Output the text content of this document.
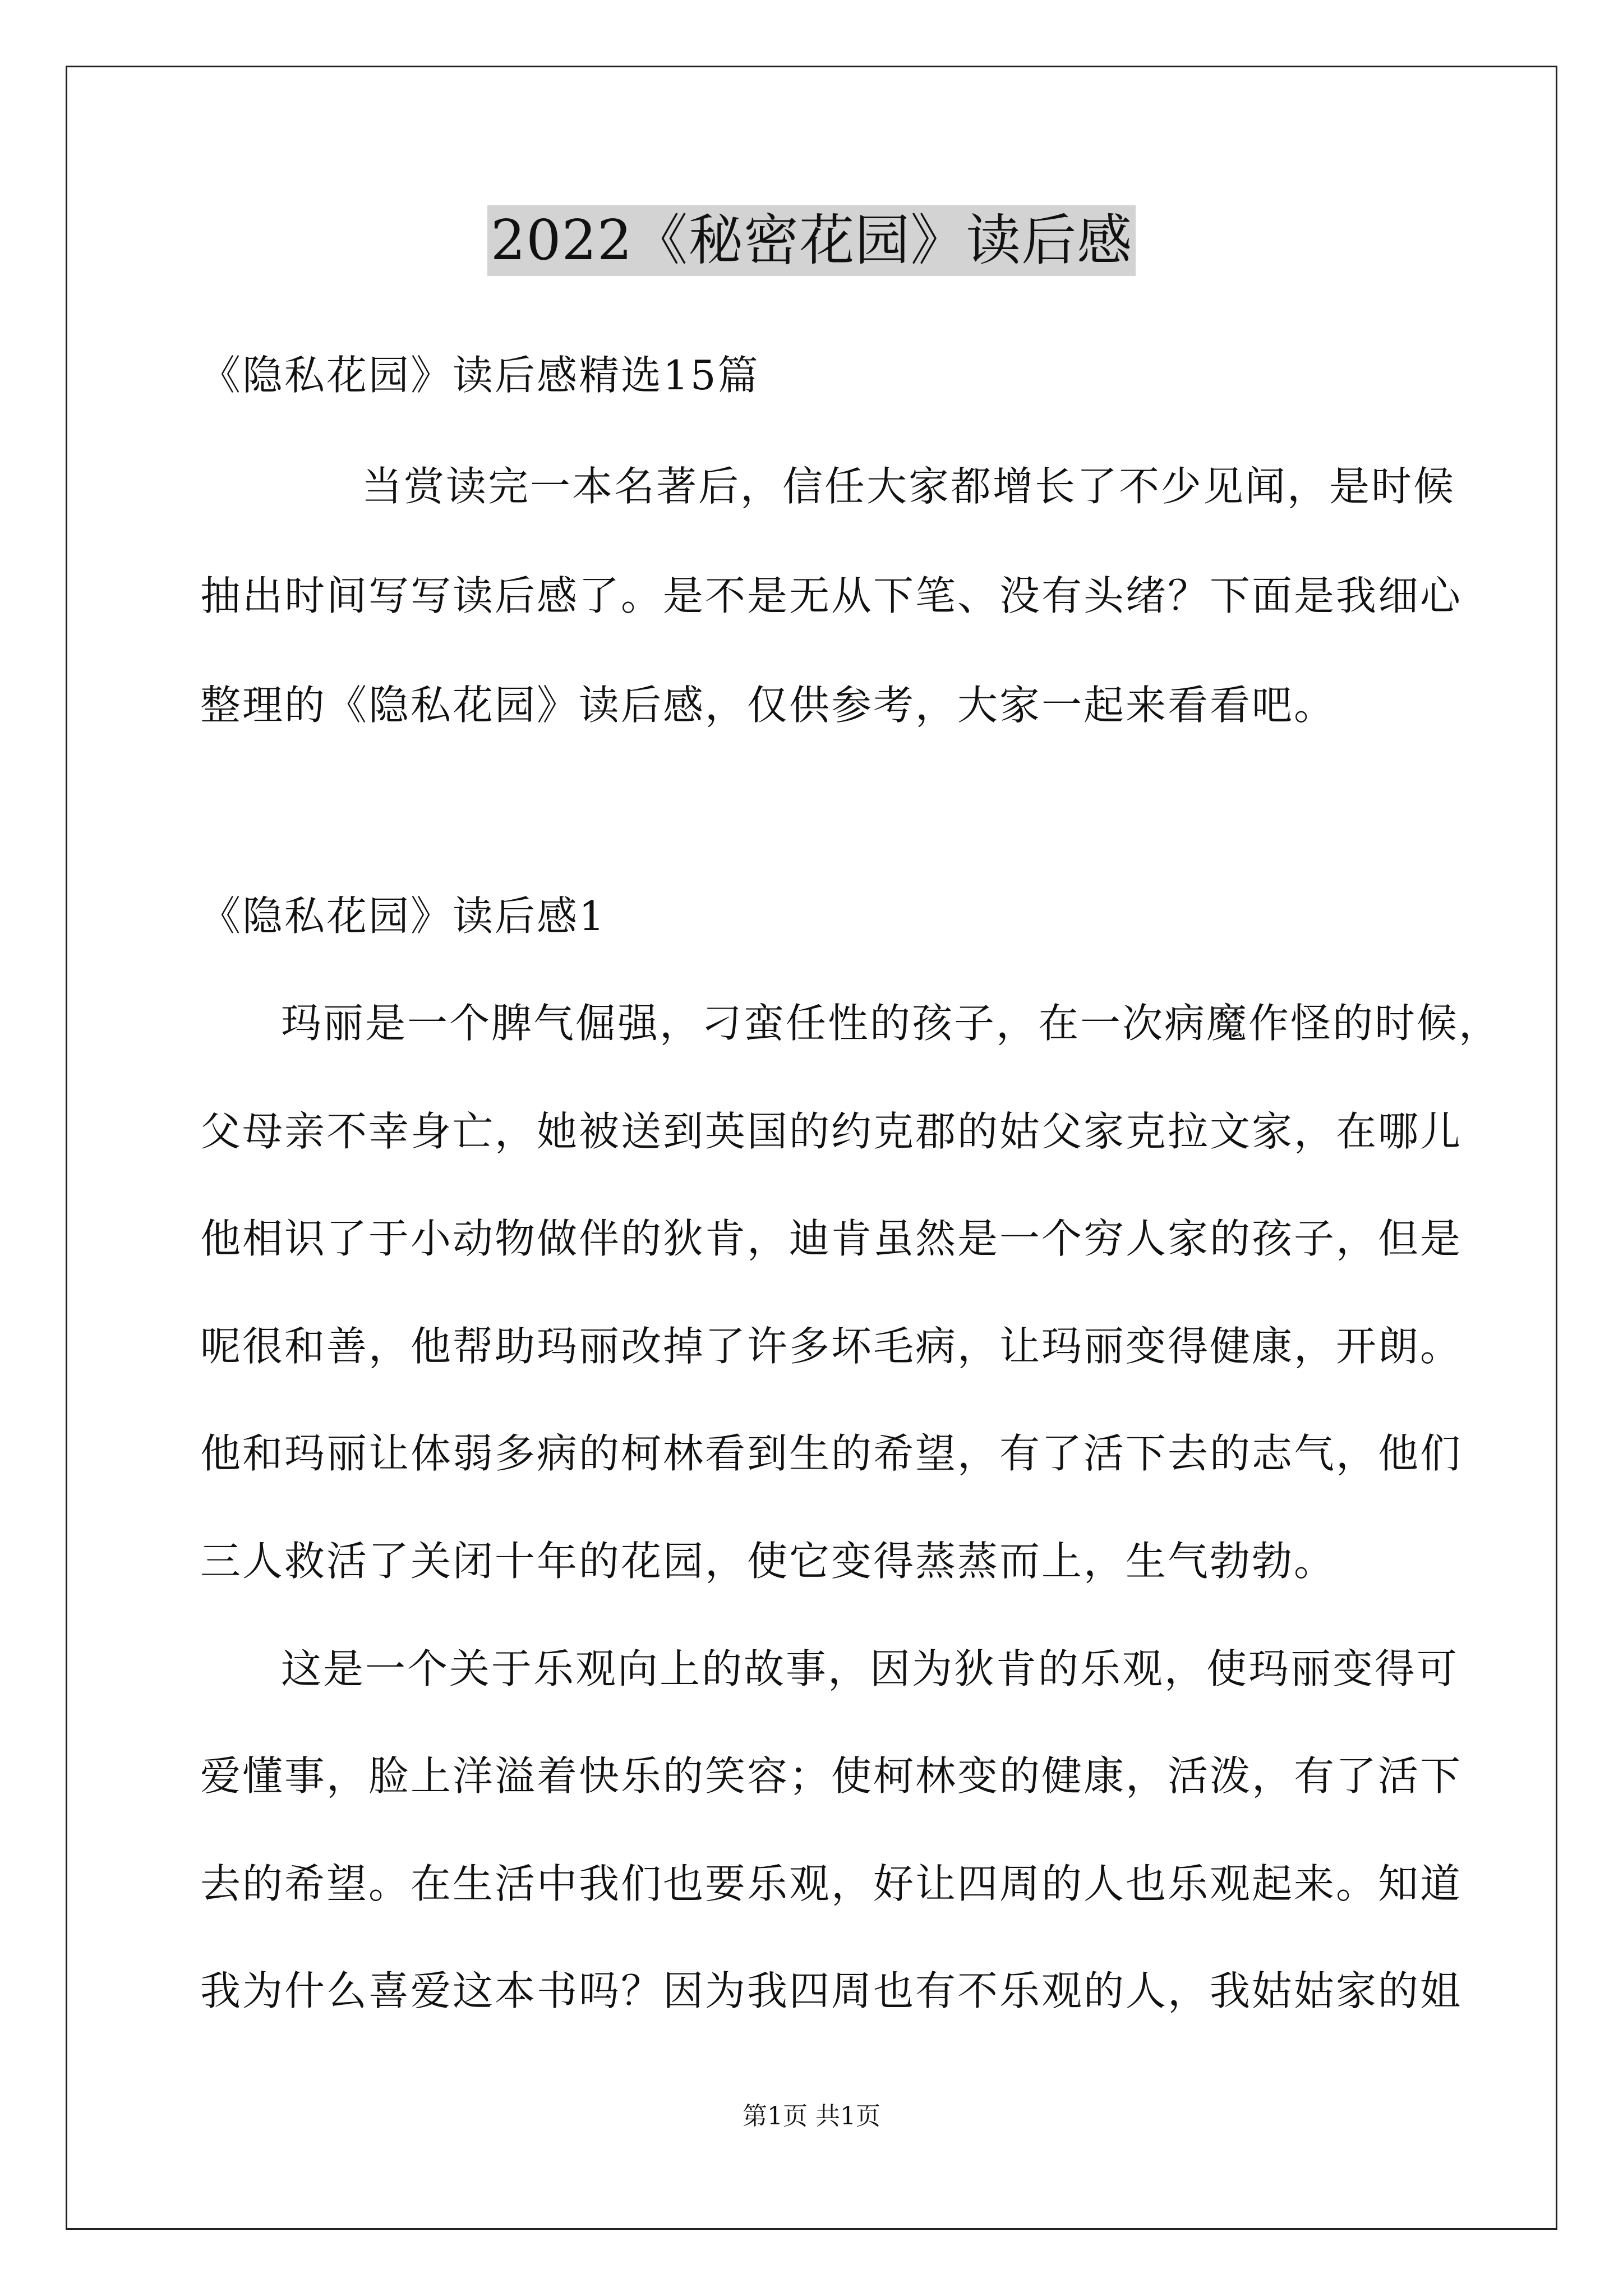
2022《秘密花园》读后感
《隐私花园》读后感精选15篇
当赏读完一本名著后，信任大家都增长了不少见闻，是时候
抽出时间写写读后感了。是不是无从下笔、没有头绪？下面是我细心
整理的《隐私花园》读后感，仅供参考，大家一起来看看吧。
《隐私花园》读后感1
玛丽是一个脾气倔强，刁蛮任性的孩子，在一次病魔作怪的时候，
父母亲不幸身亡，她被送到英国的约克郡的姑父家克拉文家，在哪儿
他相识了于小动物做伴的狄肯，迪肯虽然是一个穷人家的孩子，但是
呢很和善，他帮助玛丽改掉了许多坏毛病，让玛丽变得健康，开朗。
他和玛丽让体弱多病的柯林看到生的希望，有了活下去的志气，他们
三人救活了关闭十年的花园，使它变得蒸蒸而上，生气勃勃。
这是一个关于乐观向上的故事，因为狄肯的乐观，使玛丽变得可
爱懂事，脸上洋溢着快乐的笑容；使柯林变的健康，活泼，有了活下
去的希望。在生活中我们也要乐观，好让四周的人也乐观起来。知道
我为什么喜爱这本书吗？因为我四周也有不乐观的人，我姑姑家的姐
第1页 共1页
